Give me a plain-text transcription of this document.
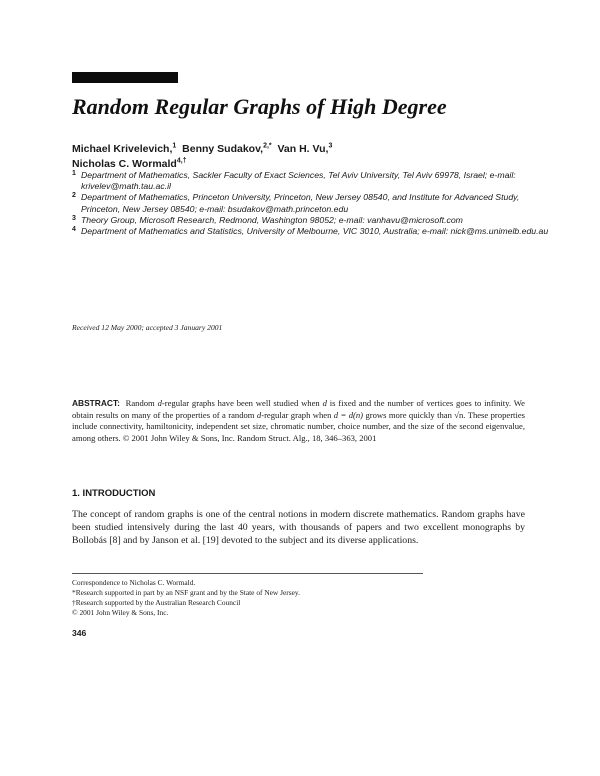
Random Regular Graphs of High Degree
Michael Krivelevich,$^1$ Benny Sudakov,$^{2,*}$ Van H. Vu,$^3$
Nicholas C. Wormald$^{4,\dagger}$

1 Department of Mathematics, Sackler Faculty of Exact Sciences, Tel Aviv University, Tel Aviv 69978, Israel; e-mail: krivelev@math.tau.ac.il

2 Department of Mathematics, Princeton University, Princeton, New Jersey 08540, and Institute for Advanced Study, Princeton, New Jersey 08540; e-mail: bsudakov@math.princeton.edu

3 Theory Group, Microsoft Research, Redmond, Washington 98052; e-mail: vanhavu@microsoft.com

4 Department of Mathematics and Statistics, University of Melbourne, VIC 3010, Australia; e-mail: nick@ms.unimelb.edu.au

Received 12 May 2000; accepted 3 January 2001

ABSTRACT: Random d-regular graphs have been well studied when d is fixed and the number of vertices goes to infinity. We obtain results on many of the properties of a random d-regular graph when d = d(n) grows more quickly than √n. These properties include connectivity, hamiltonicity, independent set size, chromatic number, choice number, and the size of the second eigenvalue, among others. © 2001 John Wiley & Sons, Inc. Random Struct. Alg., 18, 346–363, 2001

1. INTRODUCTION

The concept of random graphs is one of the central notions in modern discrete mathematics. Random graphs have been studied intensively during the last 40 years, with thousands of papers and two excellent monographs by Bollobás [8] and by Janson et al. [19] devoted to the subject and its diverse applications.

Correspondence to Nicholas C. Wormald.
*Research supported in part by an NSF grant and by the State of New Jersey.
†Research supported by the Australian Research Council
© 2001 John Wiley & Sons, Inc.
346
